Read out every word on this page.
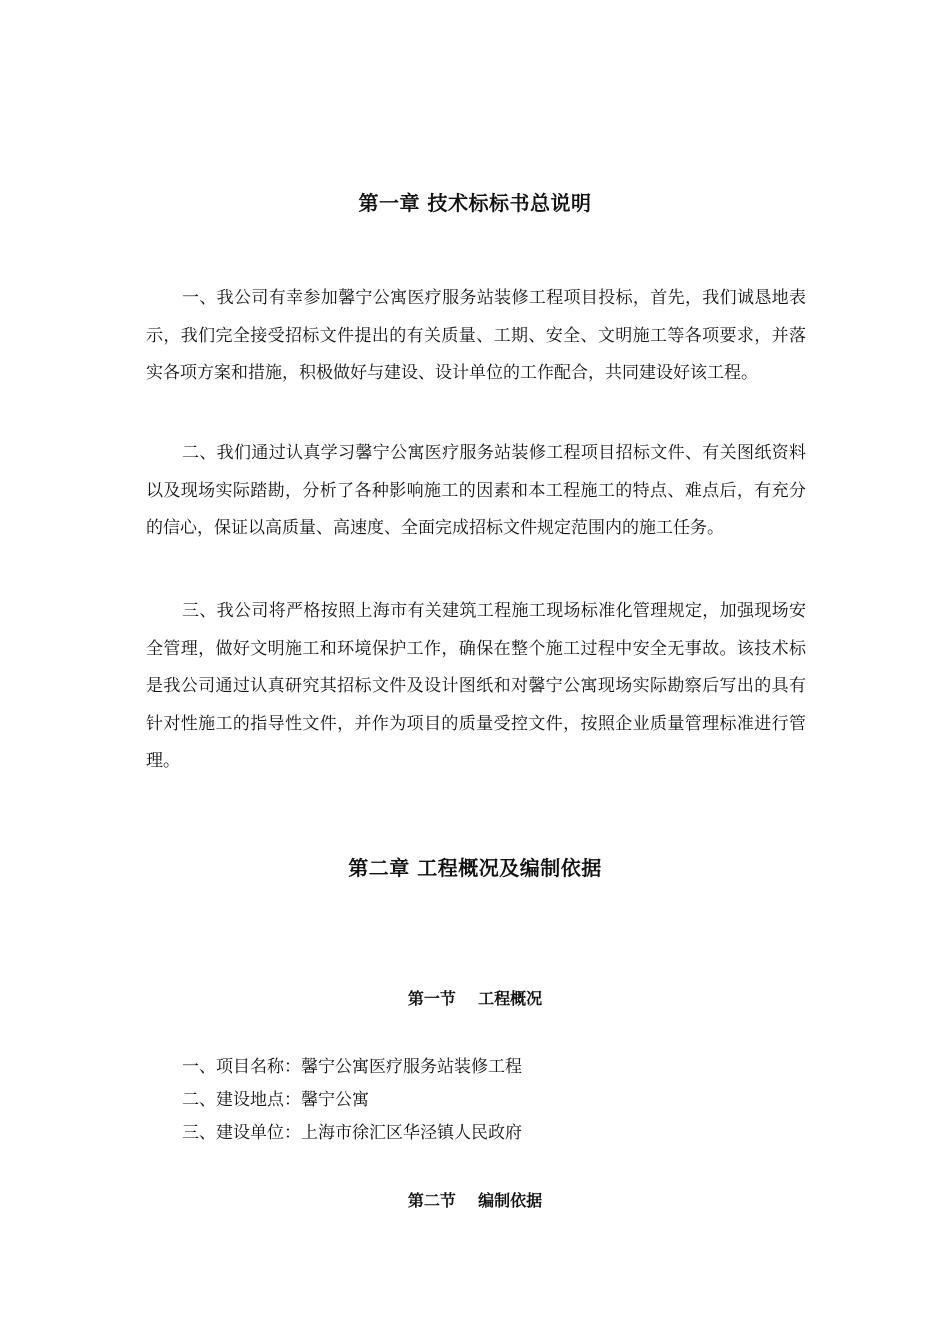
第一章 技术标标书总说明

一、我公司有幸参加馨宁公寓医疗服务站装修工程项目投标，首先，我们诚恳地表示，我们完全接受招标文件提出的有关质量、工期、安全、文明施工等各项要求，并落实各项方案和措施，积极做好与建设、设计单位的工作配合，共同建设好该工程。

二、我们通过认真学习馨宁公寓医疗服务站装修工程项目招标文件、有关图纸资料以及现场实际踏勘，分析了各种影响施工的因素和本工程施工的特点、难点后，有充分的信心，保证以高质量、高速度、全面完成招标文件规定范围内的施工任务。

三、我公司将严格按照上海市有关建筑工程施工现场标准化管理规定，加强现场安全管理，做好文明施工和环境保护工作，确保在整个施工过程中安全无事故。该技术标是我公司通过认真研究其招标文件及设计图纸和对馨宁公寓现场实际勘察后写出的具有针对性施工的指导性文件，并作为项目的质量受控文件，按照企业质量管理标准进行管理。

第二章 工程概况及编制依据
第一节    工程概况

一、项目名称：馨宁公寓医疗服务站装修工程

二、建设地点：馨宁公寓

三、建设单位：上海市徐汇区华泾镇人民政府

第二节    编制依据
